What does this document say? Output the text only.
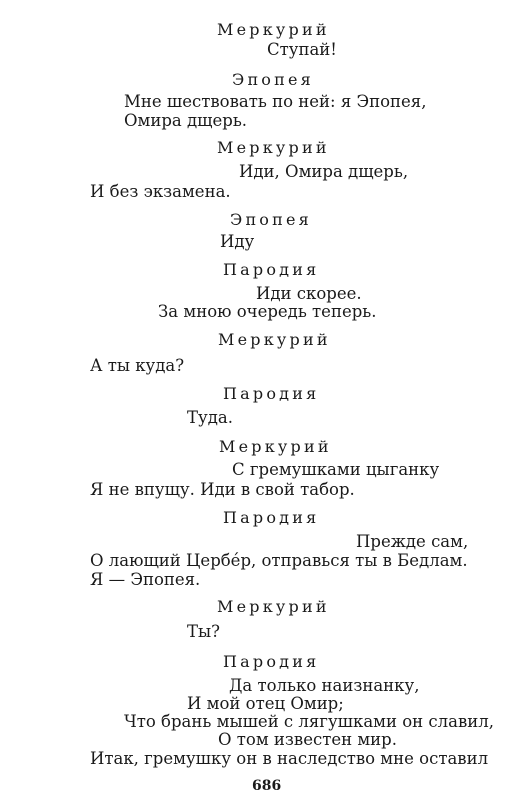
Меркурий
Ступай!
Эпопея
Мне шествовать по ней: я Эпопея,
Омира дщерь.
Меркурий
Иди, Омира дщерь,
И без экзамена.
Эпопея
Иду
Пародия
Иди скорее.
За мною очередь теперь.
Меркурий
А ты куда?
Пародия
Туда.
Меркурий
С гремушками цыганку
Я не впущу. Иди в свой табор.
Пародия
Прежде сам,
О лающий Цербéр, отправься ты в Бедлам.
Я — Эпопея.
Меркурий
Ты?
Пародия
Да только наизнанку,
И мой отец Омир;
Что брань мышей с лягушками он славил,
О том известен мир.
Итак, гремушку он в наследство мне оставил
686
